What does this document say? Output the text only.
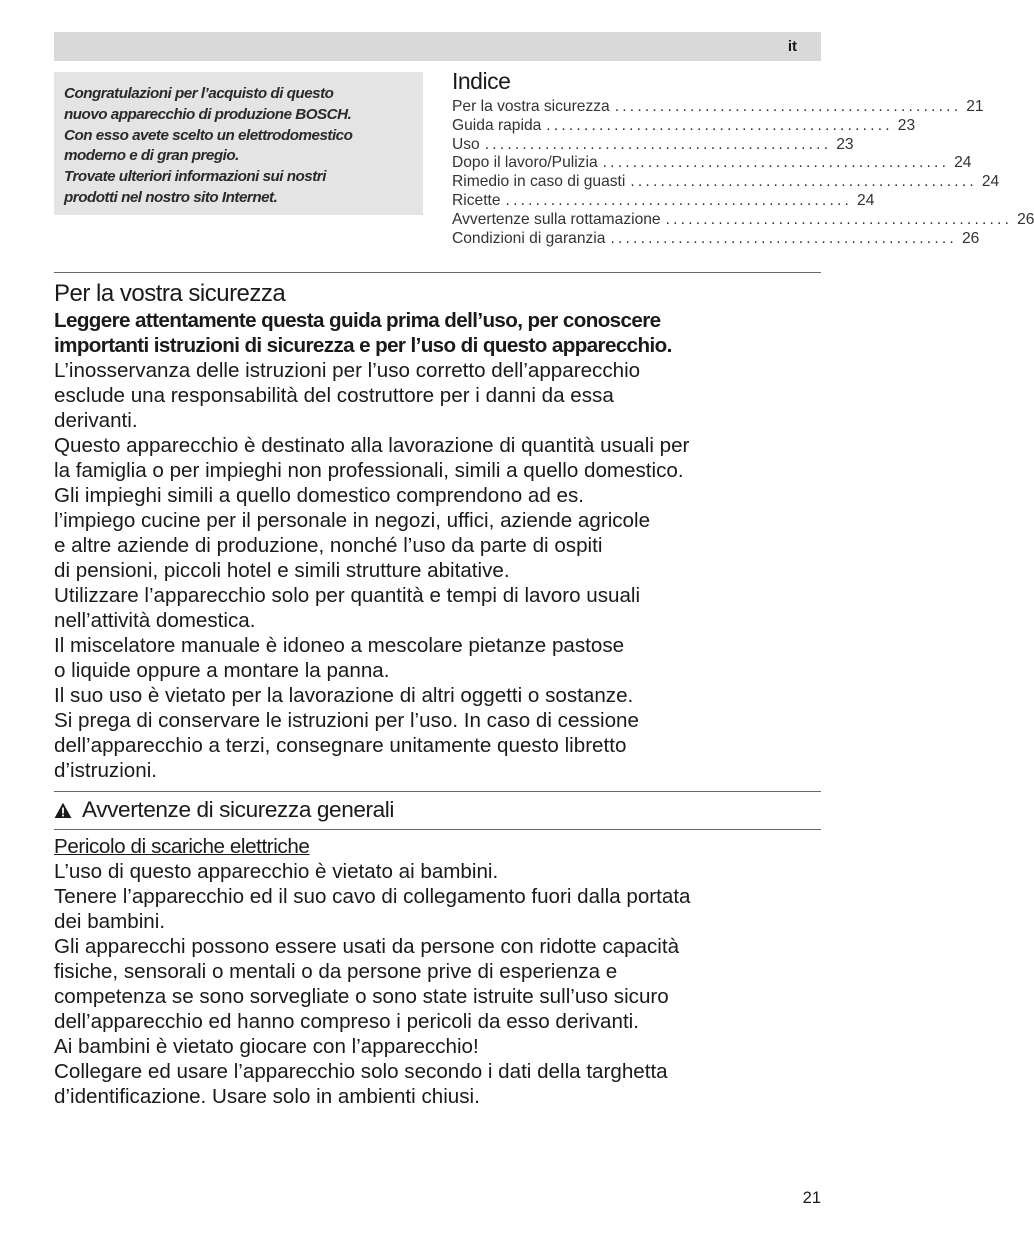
it
Congratulazioni per l’acquisto di questo
nuovo apparecchio di produzione BOSCH.
Con esso avete scelto un elettrodomestico
moderno e di gran pregio.
Trovate ulteriori informazioni sui nostri
prodotti nel nostro sito Internet.
Indice
Per la vostra sicurezza .............................................. 21
Guida rapida .............................................. 23
Uso .............................................. 23
Dopo il lavoro/Pulizia .............................................. 24
Rimedio in caso di guasti .............................................. 24
Ricette .............................................. 24
Avvertenze sulla rottamazione .............................................. 26
Condizioni di garanzia .............................................. 26
Per la vostra sicurezza
Leggere attentamente questa guida prima dell’uso, per conoscere
importanti istruzioni di sicurezza e per l’uso di questo apparecchio.
L’inosservanza delle istruzioni per l’uso corretto dell’apparecchio
esclude una responsabilità del costruttore per i danni da essa
derivanti.
Questo apparecchio è destinato alla lavorazione di quantità usuali per
la famiglia o per impieghi non professionali, simili a quello domestico.
Gli impieghi simili a quello domestico comprendono ad es.
l’impiego cucine per il personale in negozi, uffici, aziende agricole
e altre aziende di produzione, nonché l’uso da parte di ospiti
di pensioni, piccoli hotel e simili strutture abitative.
Utilizzare l’apparecchio solo per quantità e tempi di lavoro usuali
nell’attività domestica.
Il miscelatore manuale è idoneo a mescolare pietanze pastose
o liquide oppure a montare la panna.
Il suo uso è vietato per la lavorazione di altri oggetti o sostanze.
Si prega di conservare le istruzioni per l’uso. In caso di cessione
dell’apparecchio a terzi, consegnare unitamente questo libretto
d’istruzioni.
Avvertenze di sicurezza generali
Pericolo di scariche elettriche
L’uso di questo apparecchio è vietato ai bambini.
Tenere l’apparecchio ed il suo cavo di collegamento fuori dalla portata
dei bambini.
Gli apparecchi possono essere usati da persone con ridotte capacità
fisiche, sensorali o mentali o da persone prive di esperienza e
competenza se sono sorvegliate o sono state istruite sull’uso sicuro
dell’apparecchio ed hanno compreso i pericoli da esso derivanti.
Ai bambini è vietato giocare con l’apparecchio!
Collegare ed usare l’apparecchio solo secondo i dati della targhetta
d’identificazione. Usare solo in ambienti chiusi.
21
